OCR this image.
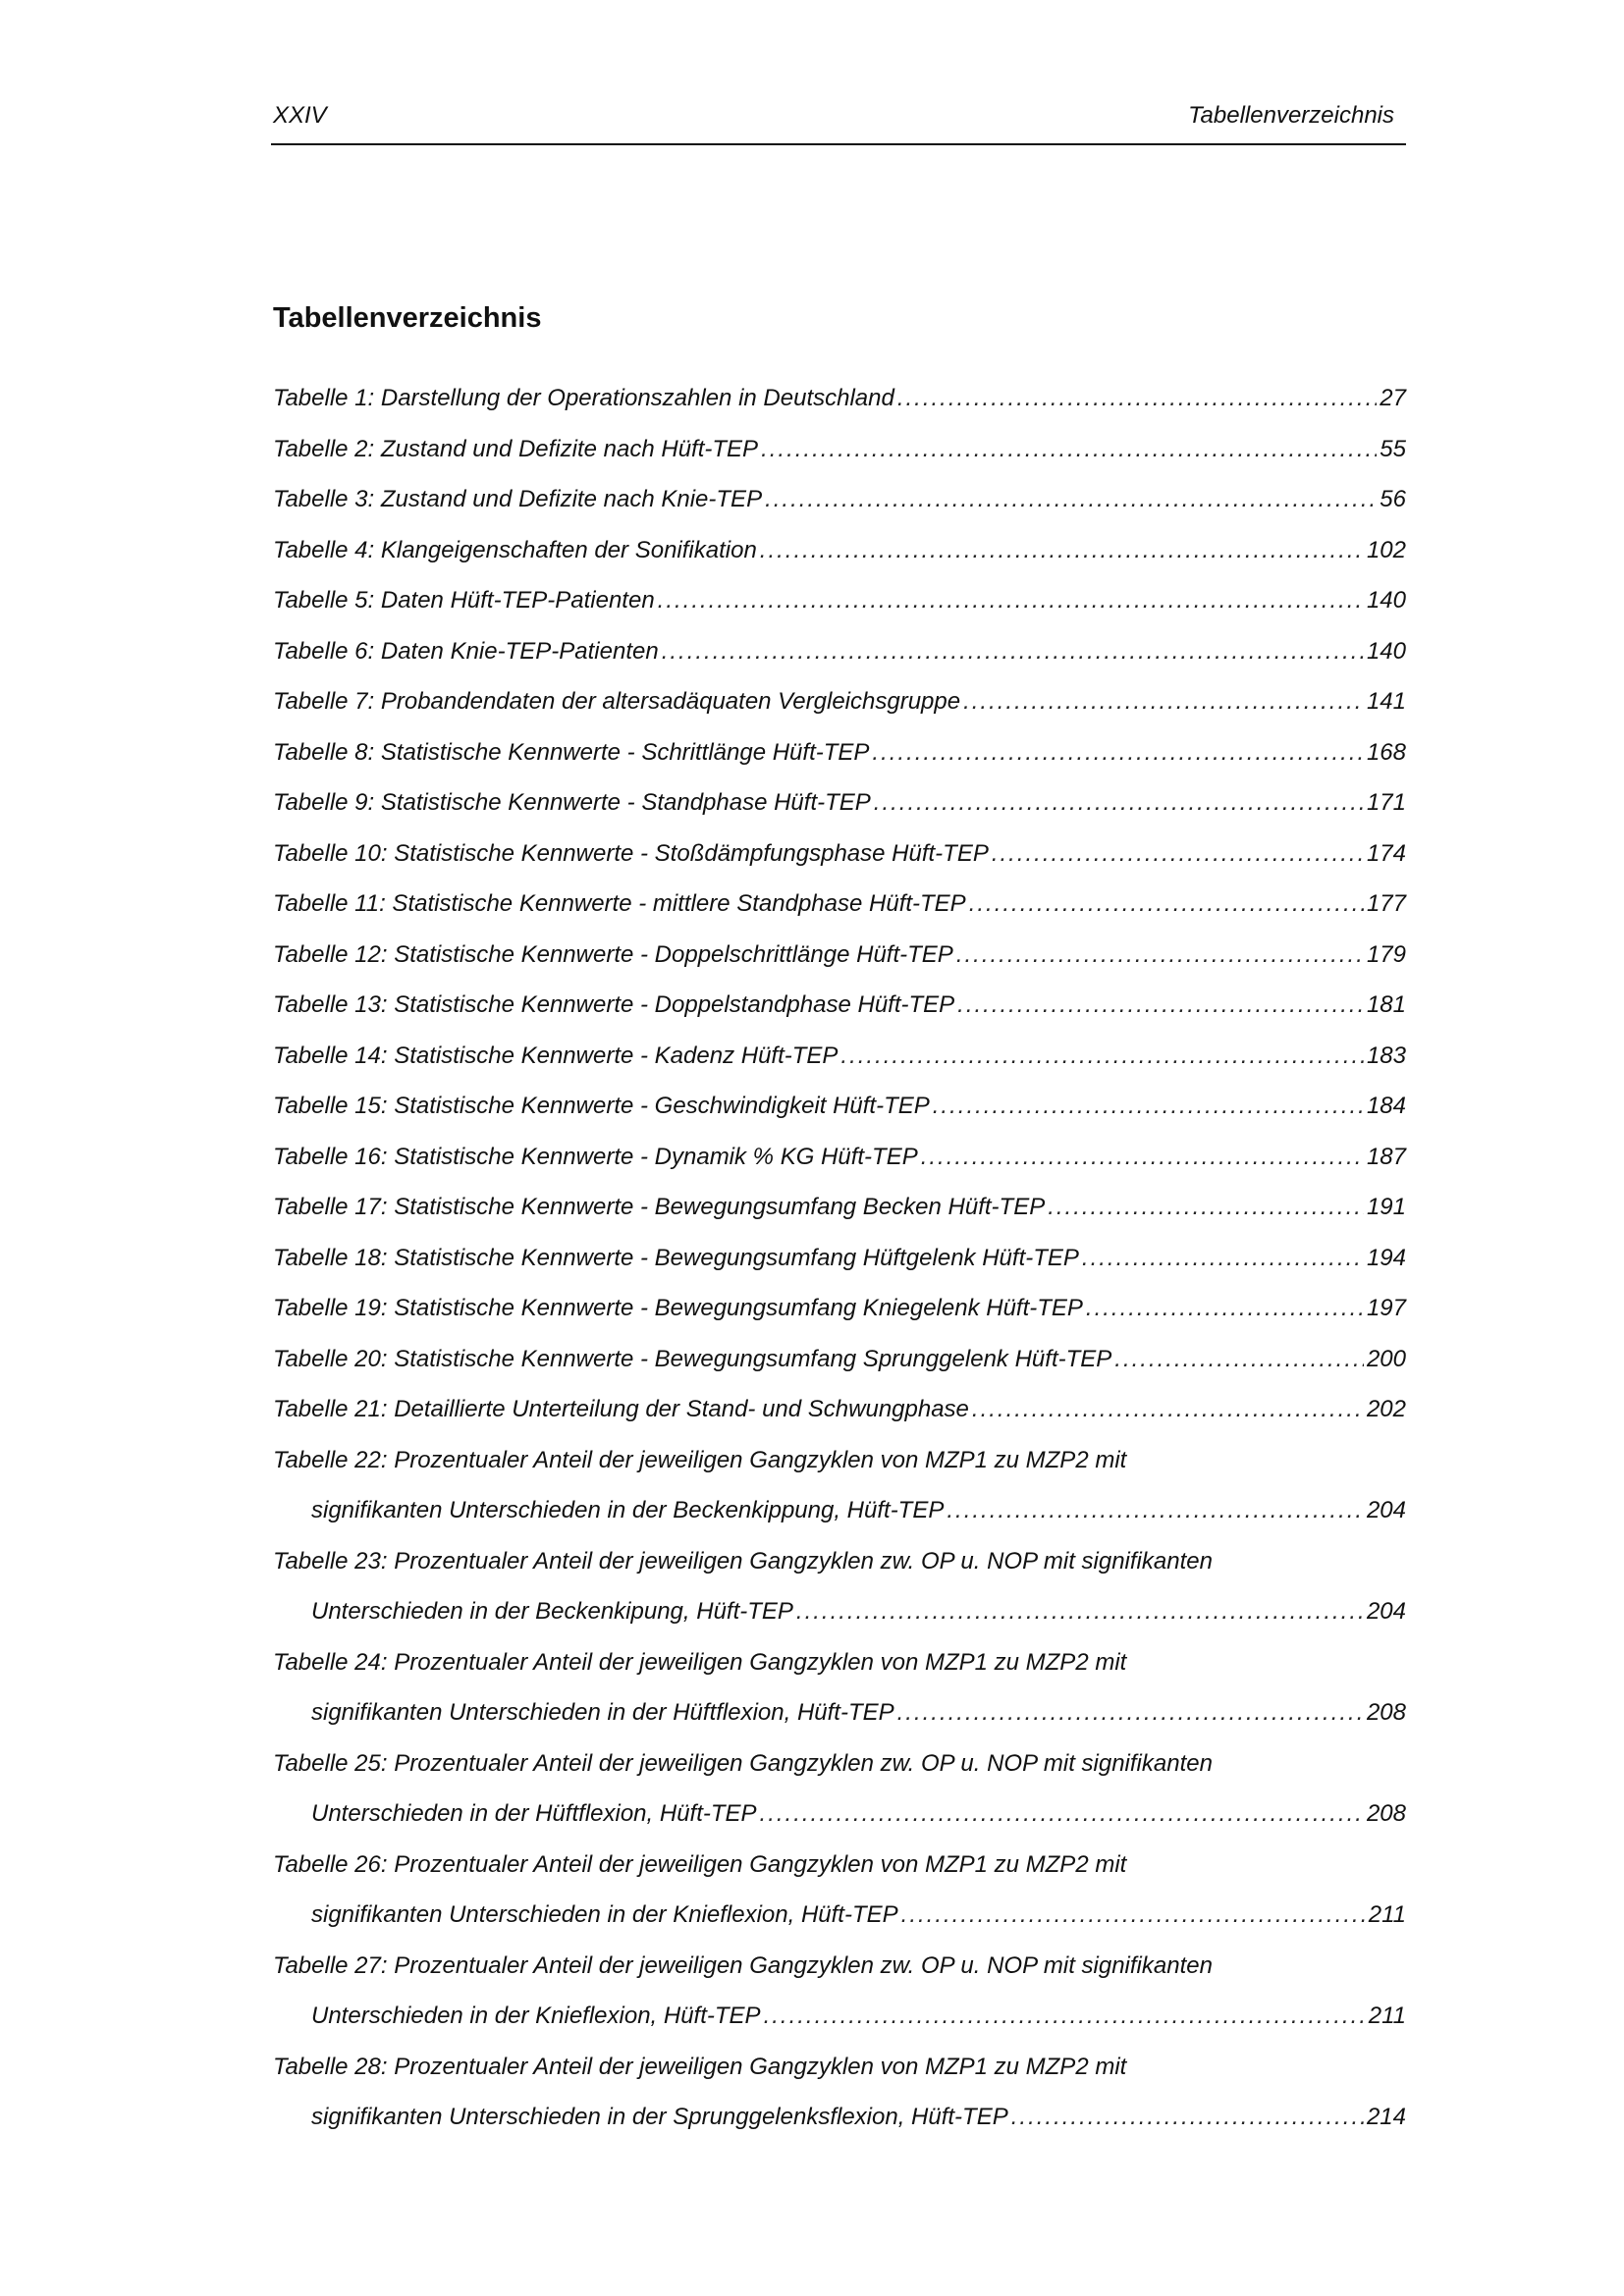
XXIV	Tabellenverzeichnis
Tabellenverzeichnis
Tabelle 1: Darstellung der Operationszahlen in Deutschland .....	27
Tabelle 2: Zustand und Defizite nach Hüft-TEP .....	55
Tabelle 3: Zustand und Defizite nach Knie-TEP .....	56
Tabelle 4: Klangeigenschaften der Sonifikation .....	102
Tabelle 5: Daten Hüft-TEP-Patienten .....	140
Tabelle 6: Daten Knie-TEP-Patienten .....	140
Tabelle 7: Probandendaten der altersadäquaten Vergleichsgruppe .....	141
Tabelle 8: Statistische Kennwerte - Schrittlänge Hüft-TEP .....	168
Tabelle 9: Statistische Kennwerte - Standphase Hüft-TEP .....	171
Tabelle 10: Statistische Kennwerte - Stoßdämpfungsphase Hüft-TEP .....	174
Tabelle 11: Statistische Kennwerte - mittlere Standphase Hüft-TEP .....	177
Tabelle 12: Statistische Kennwerte - Doppelschrittlänge Hüft-TEP .....	179
Tabelle 13: Statistische Kennwerte - Doppelstandphase Hüft-TEP .....	181
Tabelle 14: Statistische Kennwerte - Kadenz Hüft-TEP .....	183
Tabelle 15: Statistische Kennwerte - Geschwindigkeit Hüft-TEP .....	184
Tabelle 16: Statistische Kennwerte - Dynamik % KG Hüft-TEP .....	187
Tabelle 17: Statistische Kennwerte - Bewegungsumfang Becken Hüft-TEP .....	191
Tabelle 18: Statistische Kennwerte - Bewegungsumfang Hüftgelenk Hüft-TEP .....	194
Tabelle 19: Statistische Kennwerte - Bewegungsumfang Kniegelenk Hüft-TEP .....	197
Tabelle 20: Statistische Kennwerte - Bewegungsumfang Sprunggelenk Hüft-TEP .....	200
Tabelle 21: Detaillierte Unterteilung der Stand- und Schwungphase .....	202
Tabelle 22: Prozentualer Anteil der jeweiligen Gangzyklen von MZP1 zu MZP2 mit
signifikanten Unterschieden in der Beckenkippung, Hüft-TEP .....	204
Tabelle 23: Prozentualer Anteil der jeweiligen Gangzyklen zw. OP u. NOP mit signifikanten
Unterschieden in der Beckenkipung, Hüft-TEP .....	204
Tabelle 24: Prozentualer Anteil der jeweiligen Gangzyklen von MZP1 zu MZP2 mit
signifikanten Unterschieden in der Hüftflexion, Hüft-TEP .....	208
Tabelle 25: Prozentualer Anteil der jeweiligen Gangzyklen zw. OP u. NOP mit signifikanten
Unterschieden in der Hüftflexion, Hüft-TEP .....	208
Tabelle 26: Prozentualer Anteil der jeweiligen Gangzyklen von MZP1 zu MZP2 mit
signifikanten Unterschieden in der Knieflexion, Hüft-TEP .....	211
Tabelle 27: Prozentualer Anteil der jeweiligen Gangzyklen zw. OP u. NOP mit signifikanten
Unterschieden in der Knieflexion, Hüft-TEP .....	211
Tabelle 28: Prozentualer Anteil der jeweiligen Gangzyklen von MZP1 zu MZP2 mit
signifikanten Unterschieden in der Sprunggelenksflexion, Hüft-TEP .....	214
